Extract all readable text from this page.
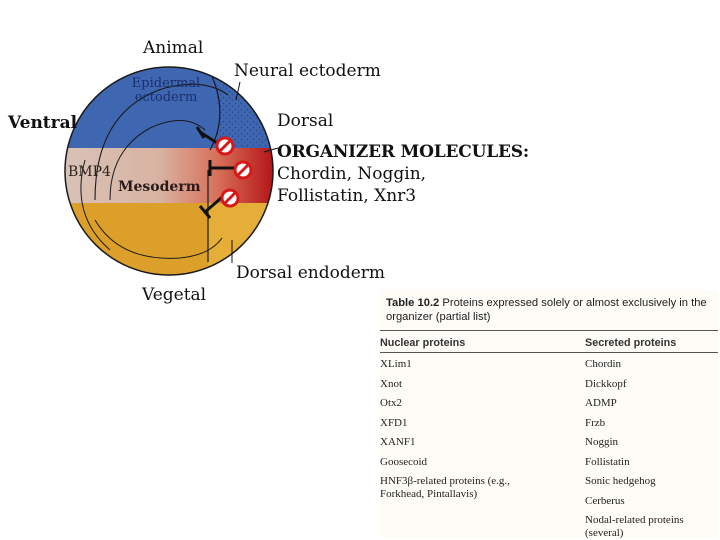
Animal
Neural ectoderm
Ventral	Dorsal
Epidermal ectoderm
BMP4
Mesoderm
Vegetal
Dorsal endoderm
ORGANIZER MOLECULES:
Chordin, Noggin,
Follistatin, Xnr3
Table 10.2 Proteins expressed solely or almost exclusively in the organizer (partial list)
Nuclear proteins	Secreted proteins
XLim1
Xnot
Otx2
XFD1
XANF1
Goosecoid
HNF3β-related proteins (e.g., Forkhead, Pintallavis)
Chordin
Dickkopf
ADMP
Frzb
Noggin
Follistatin
Sonic hedgehog
Cerberus
Nodal-related proteins (several)
